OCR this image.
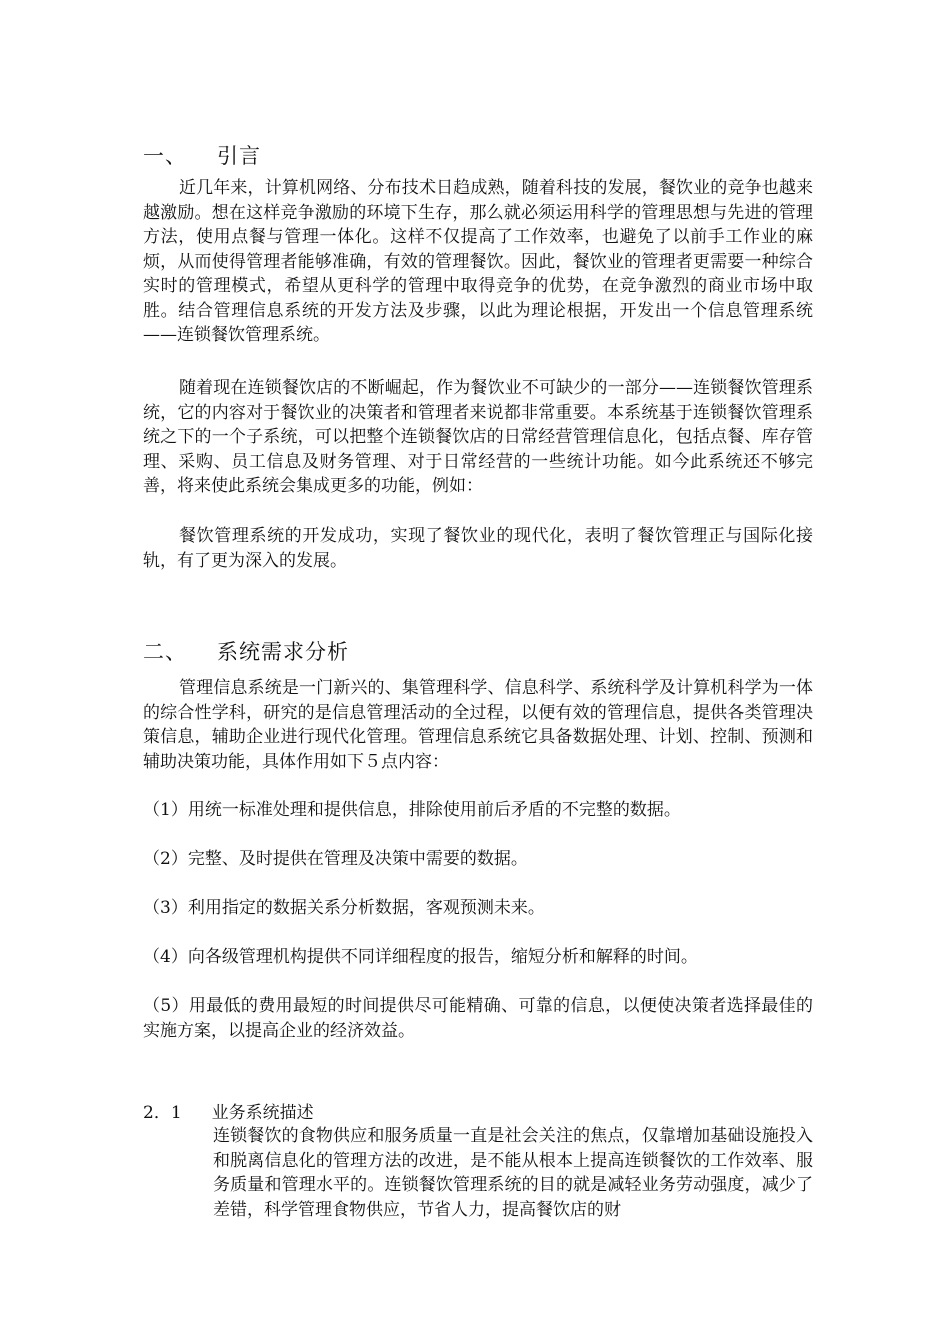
一、 引言

近几年来，计算机网络、分布技术日趋成熟，随着科技的发展，餐饮业的竞争也越来越激励。想在这样竞争激励的环境下生存，那么就必须运用科学的管理思想与先进的管理方法，使用点餐与管理一体化。这样不仅提高了工作效率，也避免了以前手工作业的麻烦，从而使得管理者能够准确，有效的管理餐饮。因此，餐饮业的管理者更需要一种综合实时的管理模式，希望从更科学的管理中取得竞争的优势，在竞争激烈的商业市场中取胜。结合管理信息系统的开发方法及步骤，以此为理论根据，开发出一个信息管理系统——连锁餐饮管理系统。

随着现在连锁餐饮店的不断崛起，作为餐饮业不可缺少的一部分——连锁餐饮管理系统，它的内容对于餐饮业的决策者和管理者来说都非常重要。本系统基于连锁餐饮管理系统之下的一个子系统，可以把整个连锁餐饮店的日常经营管理信息化，包括点餐、库存管理、采购、员工信息及财务管理、对于日常经营的一些统计功能。如今此系统还不够完善，将来使此系统会集成更多的功能，例如：

餐饮管理系统的开发成功，实现了餐饮业的现代化，表明了餐饮管理正与国际化接轨，有了更为深入的发展。

二、 系统需求分析

管理信息系统是一门新兴的、集管理科学、信息科学、系统科学及计算机科学为一体的综合性学科，研究的是信息管理活动的全过程，以便有效的管理信息，提供各类管理决策信息，辅助企业进行现代化管理。管理信息系统它具备数据处理、计划、控制、预测和辅助决策功能，具体作用如下５点内容：

（1）用统一标准处理和提供信息，排除使用前后矛盾的不完整的数据。

（2）完整、及时提供在管理及决策中需要的数据。

（3）利用指定的数据关系分析数据，客观预测未来。

（4）向各级管理机构提供不同详细程度的报告，缩短分析和解释的时间。

（5）用最低的费用最短的时间提供尽可能精确、可靠的信息，以便使决策者选择最佳的实施方案，以提高企业的经济效益。

2．1 业务系统描述

连锁餐饮的食物供应和服务质量一直是社会关注的焦点，仅靠增加基础设施投入和脱离信息化的管理方法的改进，是不能从根本上提高连锁餐饮的工作效率、服务质量和管理水平的。连锁餐饮管理系统的目的就是减轻业务劳动强度，减少了差错，科学管理食物供应，节省人力，提高餐饮店的财
